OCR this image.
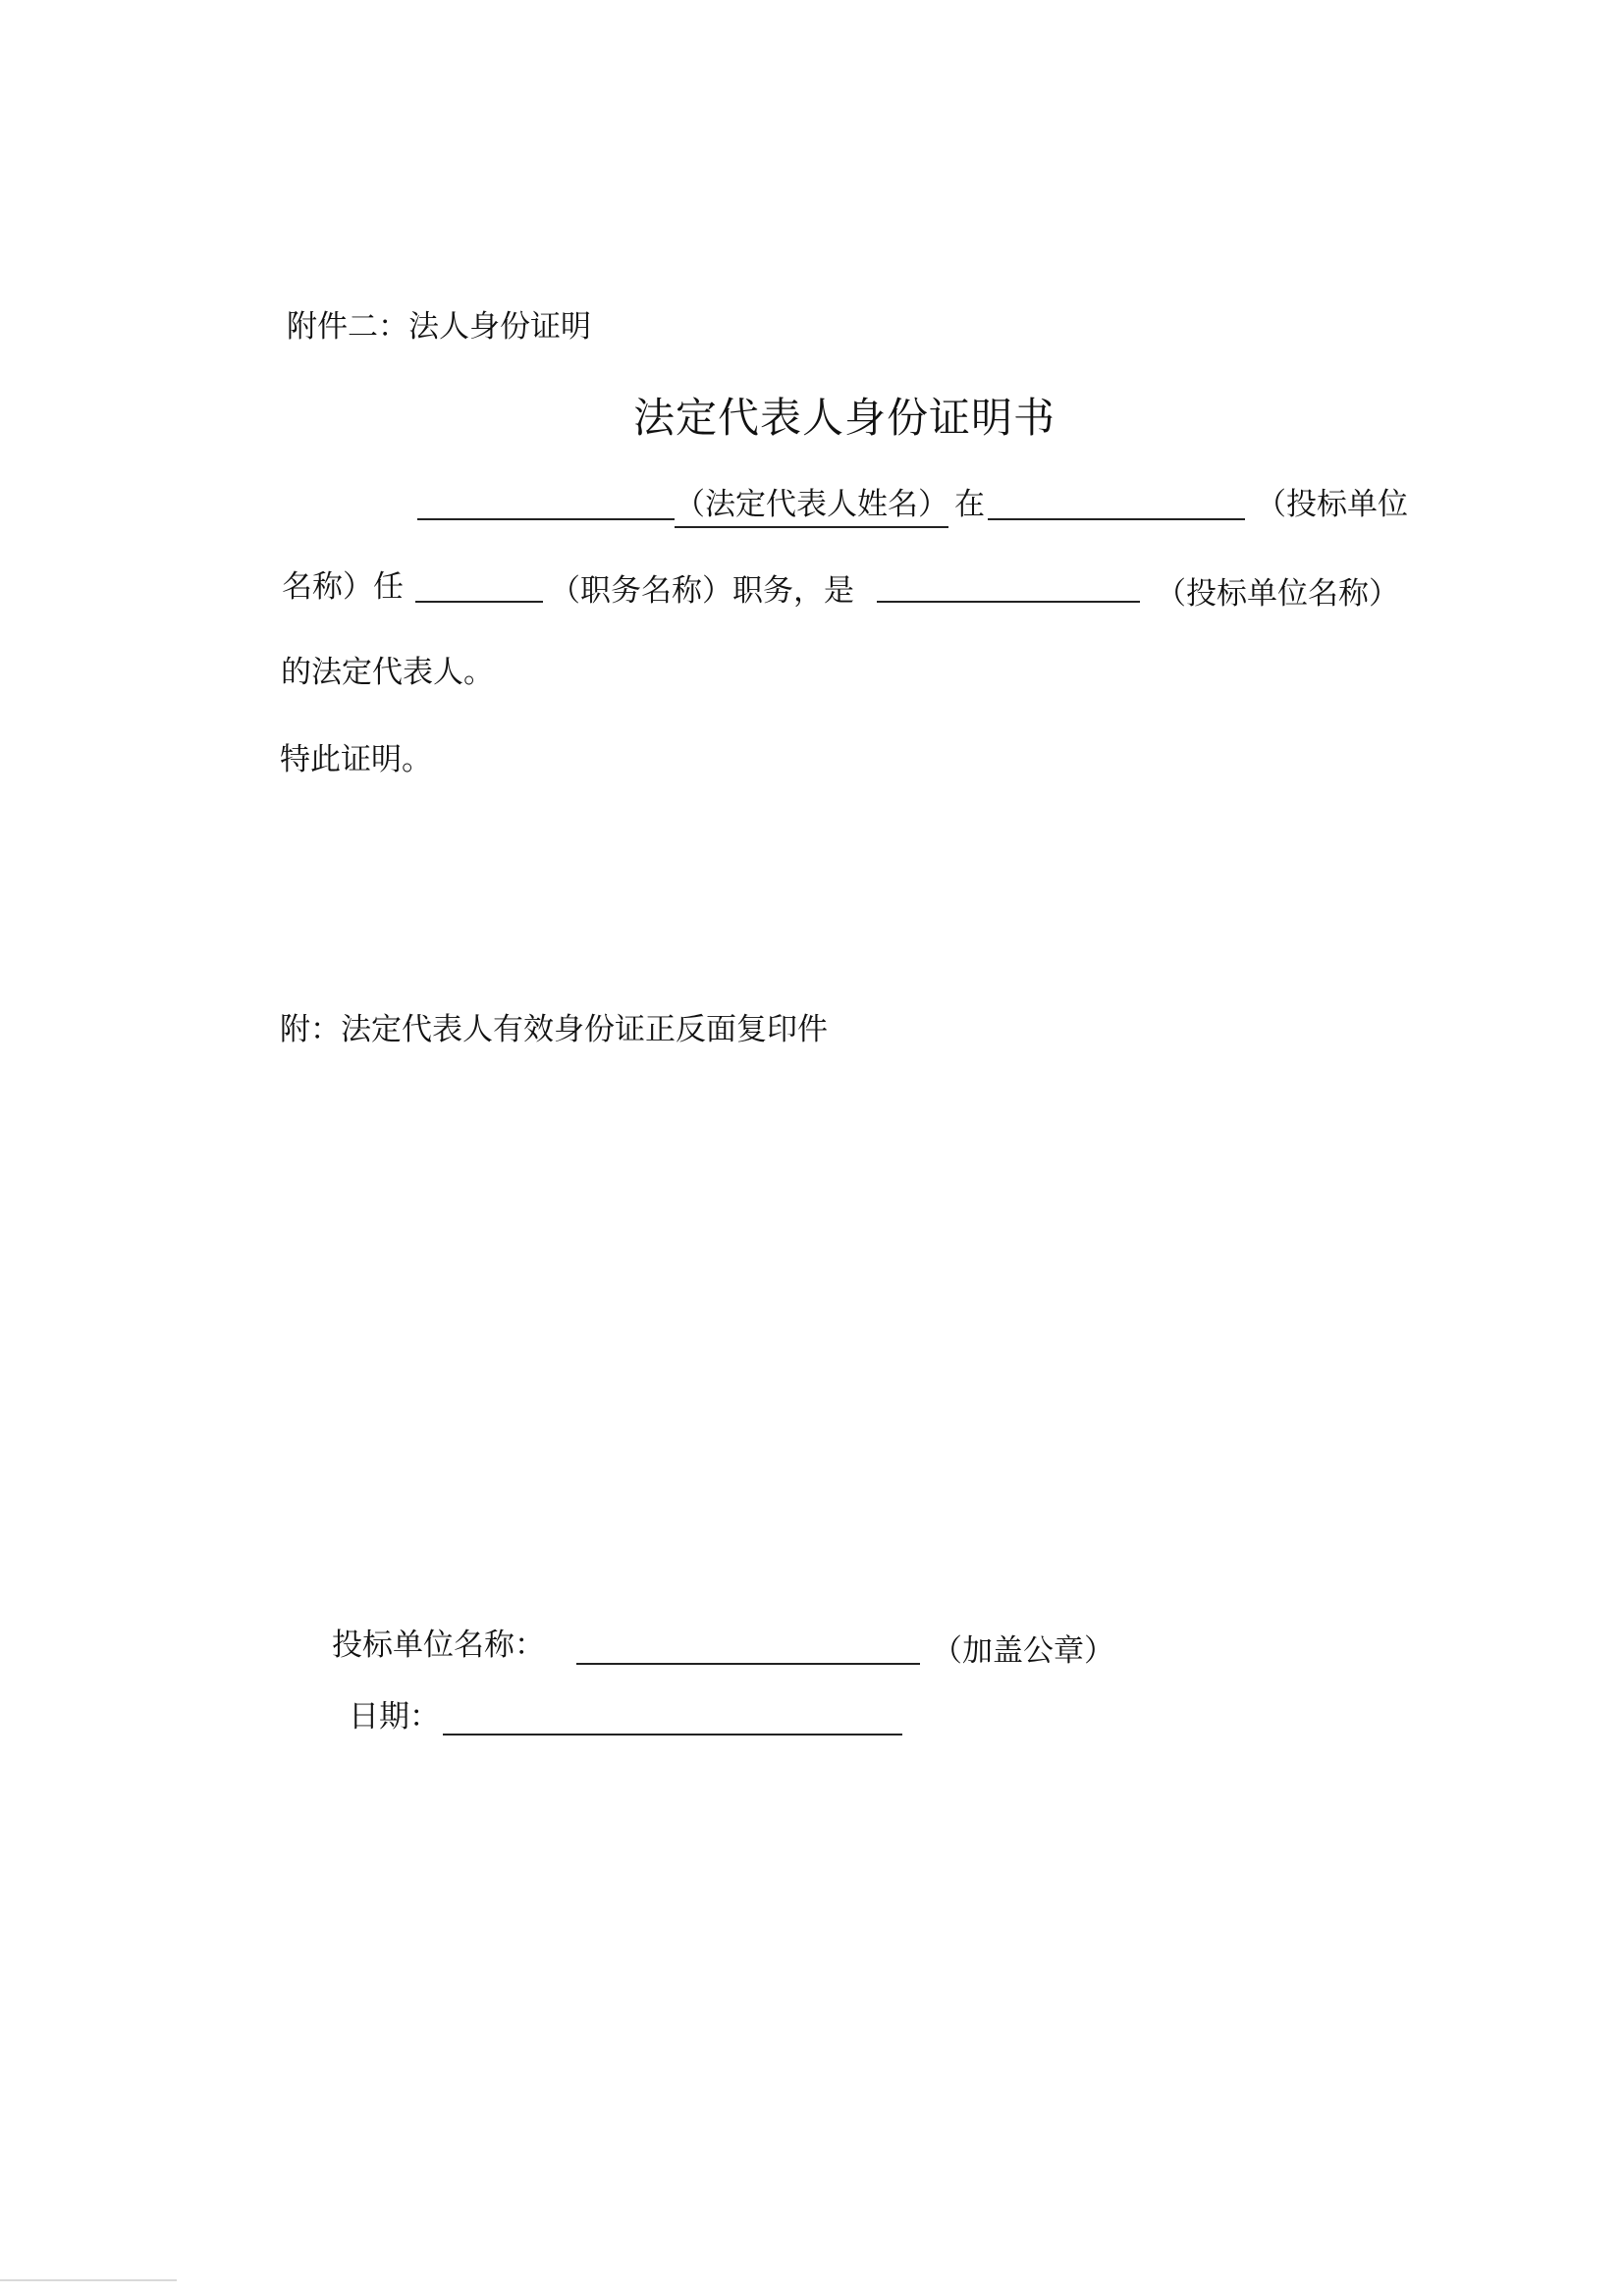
附件二：法人身份证明
法定代表人身份证明书
（法定代表人姓名） 在	（投标单位
名称）任	（职务名称）职务，是	（投标单位名称）
的法定代表人。
特此证明。
附：法定代表人有效身份证正反面复印件
投标单位名称：	（加盖公章）
日期：
